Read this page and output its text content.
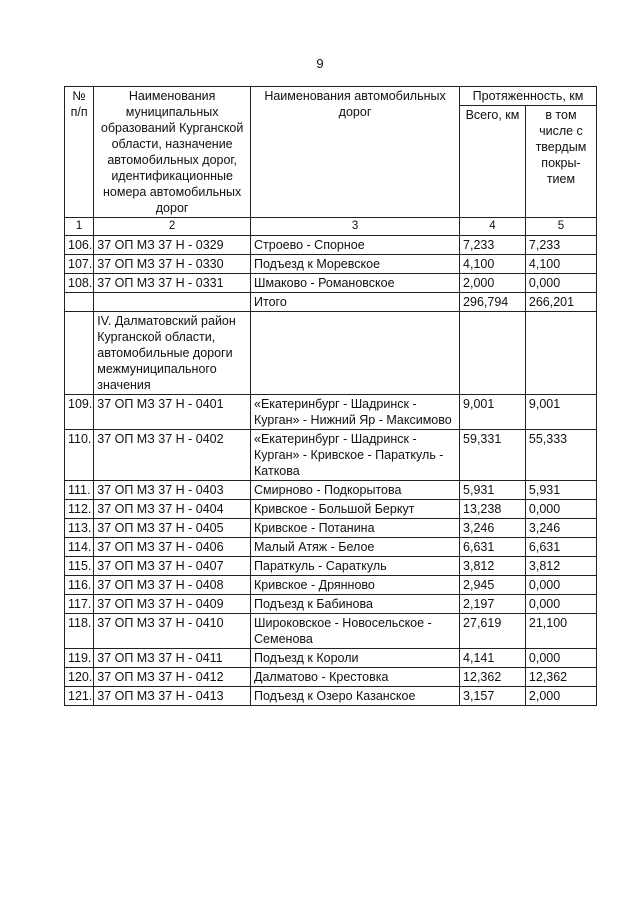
9
№ п/п	Наименования муниципальных образований Курганской области, назначение автомобильных дорог, идентификационные номера автомобильных дорог	Наименования автомобильных дорог	Протяженность, км	
			Всего, км	в том числе с твердым покры-тием
1	2	3	4	5
106.	37 ОП МЗ 37 Н - 0329	Строево - Спорное	7,233	7,233
107.	37 ОП МЗ 37 Н - 0330	Подъезд к Моревское	4,100	4,100
108.	37 ОП МЗ 37 Н - 0331	Шмаково - Романовское	2,000	0,000
		Итого	296,794	266,201
	IV. Далматовский район Курганской области, автомобильные дороги межмуниципального значения			
109.	37 ОП МЗ 37 Н - 0401	«Екатеринбург - Шадринск - Курган» - Нижний Яр - Максимово	9,001	9,001
110.	37 ОП МЗ 37 Н - 0402	«Екатеринбург - Шадринск - Курган» - Кривское - Параткуль - Каткова	59,331	55,333
111.	37 ОП МЗ 37 Н - 0403	Смирново - Подкорытова	5,931	5,931
112.	37 ОП МЗ 37 Н - 0404	Кривское - Большой Беркут	13,238	0,000
113.	37 ОП МЗ 37 Н - 0405	Кривское - Потанина	3,246	3,246
114.	37 ОП МЗ 37 Н - 0406	Малый Атяж - Белое	6,631	6,631
115.	37 ОП МЗ 37 Н - 0407	Параткуль - Сараткуль	3,812	3,812
116.	37 ОП МЗ 37 Н - 0408	Кривское - Дрянново	2,945	0,000
117.	37 ОП МЗ 37 Н - 0409	Подъезд к Бабинова	2,197	0,000
118.	37 ОП МЗ 37 Н - 0410	Широковское - Новосельское - Семенова	27,619	21,100
119.	37 ОП МЗ 37 Н - 0411	Подъезд к Короли	4,141	0,000
120.	37 ОП МЗ 37 Н - 0412	Далматово - Крестовка	12,362	12,362
121.	37 ОП МЗ 37 Н - 0413	Подъезд к Озеро Казанское	3,157	2,000
